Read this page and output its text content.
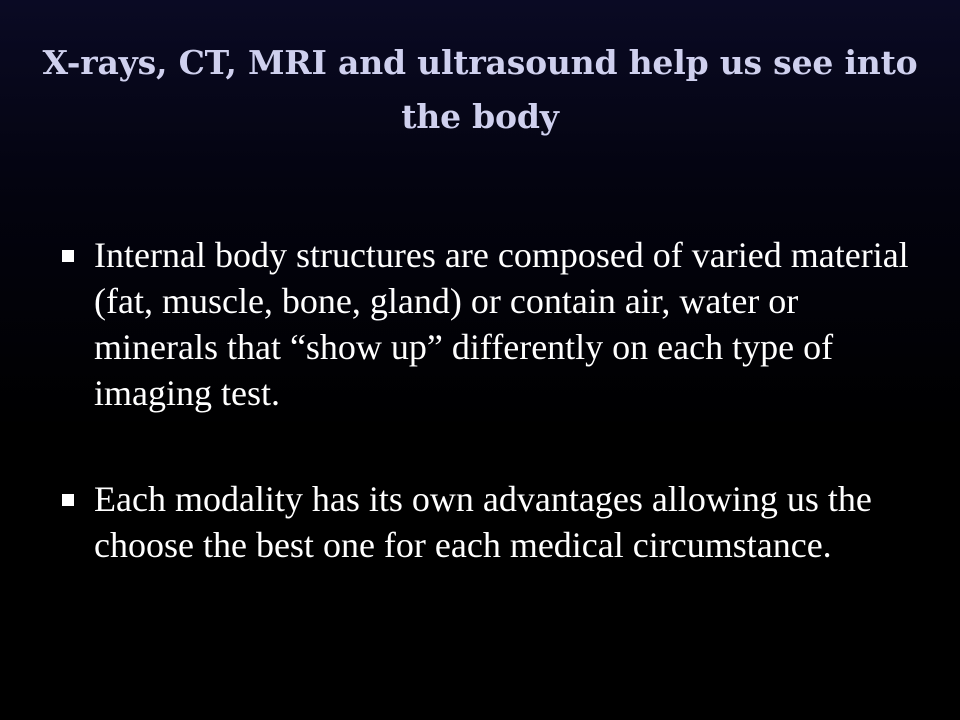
X-rays, CT, MRI and ultrasound help us see into the body
Internal body structures are composed of varied material (fat, muscle, bone, gland) or contain air, water or minerals that “show up” differently on each type of imaging test.
Each modality has its own advantages allowing us the choose the best one for each medical circumstance.
